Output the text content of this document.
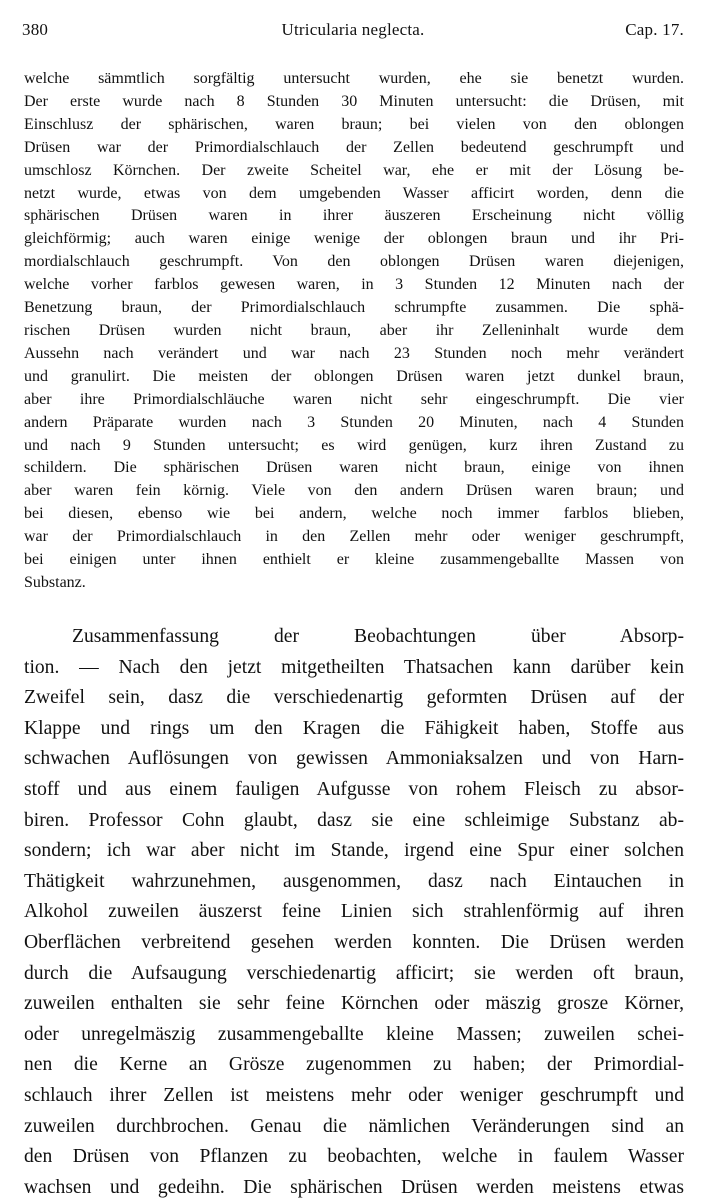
380	Utricularia neglecta.	Cap. 17.
welche sämmtlich sorgfältig untersucht wurden, ehe sie benetzt wurden.
Der erste wurde nach 8 Stunden 30 Minuten untersucht: die Drüsen, mit
Einschlusz der sphärischen, waren braun; bei vielen von den oblongen
Drüsen war der Primordialschlauch der Zellen bedeutend geschrumpft und
umschlosz Körnchen. Der zweite Scheitel war, ehe er mit der Lösung be-
netzt wurde, etwas von dem umgebenden Wasser afficirt worden, denn die
sphärischen Drüsen waren in ihrer äuszeren Erscheinung nicht völlig
gleichförmig; auch waren einige wenige der oblongen braun und ihr Pri-
mordialschlauch geschrumpft. Von den oblongen Drüsen waren diejenigen,
welche vorher farblos gewesen waren, in 3 Stunden 12 Minuten nach der
Benetzung braun, der Primordialschlauch schrumpfte zusammen. Die sphä-
rischen Drüsen wurden nicht braun, aber ihr Zelleninhalt wurde dem
Aussehn nach verändert und war nach 23 Stunden noch mehr verändert
und granulirt. Die meisten der oblongen Drüsen waren jetzt dunkel braun,
aber ihre Primordialschläuche waren nicht sehr eingeschrumpft. Die vier
andern Präparate wurden nach 3 Stunden 20 Minuten, nach 4 Stunden
und nach 9 Stunden untersucht; es wird genügen, kurz ihren Zustand zu
schildern. Die sphärischen Drüsen waren nicht braun, einige von ihnen
aber waren fein körnig. Viele von den andern Drüsen waren braun; und
bei diesen, ebenso wie bei andern, welche noch immer farblos blieben,
war der Primordialschlauch in den Zellen mehr oder weniger geschrumpft,
bei einigen unter ihnen enthielt er kleine zusammengeballte Massen von
Substanz.
Zusammenfassung der Beobachtungen über Absorp-
tion. — Nach den jetzt mitgetheilten Thatsachen kann darüber kein
Zweifel sein, dasz die verschiedenartig geformten Drüsen auf der
Klappe und rings um den Kragen die Fähigkeit haben, Stoffe aus
schwachen Auflösungen von gewissen Ammoniaksalzen und von Harn-
stoff und aus einem fauligen Aufgusse von rohem Fleisch zu absor-
biren. Professor Cohn glaubt, dasz sie eine schleimige Substanz ab-
sondern; ich war aber nicht im Stande, irgend eine Spur einer solchen
Thätigkeit wahrzunehmen, ausgenommen, dasz nach Eintauchen in
Alkohol zuweilen äuszerst feine Linien sich strahlenförmig auf ihren
Oberflächen verbreitend gesehen werden konnten. Die Drüsen werden
durch die Aufsaugung verschiedenartig afficirt; sie werden oft braun,
zuweilen enthalten sie sehr feine Körnchen oder mäszig grosze Körner,
oder unregelmäszig zusammengeballte kleine Massen; zuweilen schei-
nen die Kerne an Grösze zugenommen zu haben; der Primordial-
schlauch ihrer Zellen ist meistens mehr oder weniger geschrumpft und
zuweilen durchbrochen. Genau die nämlichen Veränderungen sind an
den Drüsen von Pflanzen zu beobachten, welche in faulem Wasser
wachsen und gedeihn. Die sphärischen Drüsen werden meistens etwas
